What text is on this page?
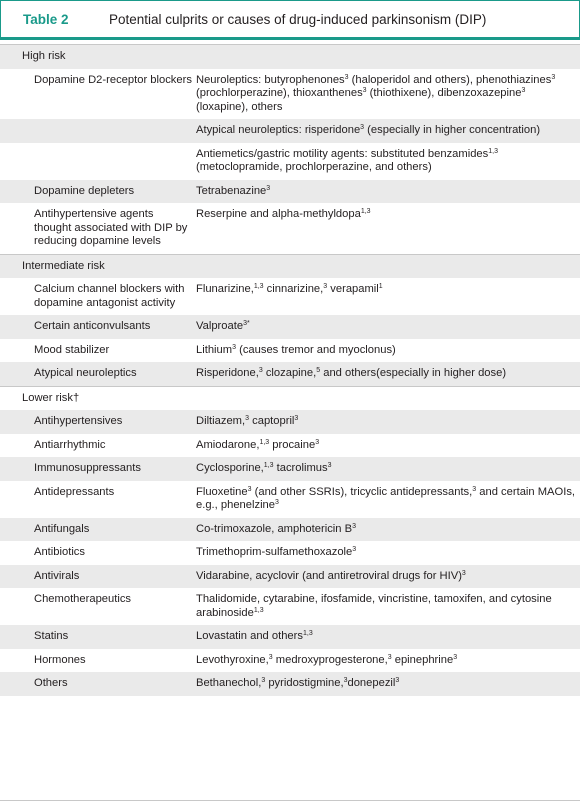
Table 2	Potential culprits or causes of drug-induced parkinsonism (DIP)
High risk	
Dopamine D2-receptor blockers	Neuroleptics: butyrophenones$^3$ (haloperidol and others), phenothiazines$^3$ (prochlorperazine), thioxanthenes$^3$ (thiothixene), dibenzoxazepine$^3$ (loxapine), others
	Atypical neuroleptics: risperidone$^3$ (especially in higher concentration)
	Antiemetics/gastric motility agents: substituted benzamides$^{1,3}$ (metoclopramide, prochlorperazine, and others)
Dopamine depleters	Tetrabenazine$^3$
Antihypertensive agents thought associated with DIP by reducing dopamine levels	Reserpine and alpha-methyldopa$^{1,3}$
Intermediate risk	
Calcium channel blockers with dopamine antagonist activity	Flunarizine,$^{1,3}$ cinnarizine,$^3$ verapamil$^1$
Certain anticonvulsants	Valproate$^{3*}$
Mood stabilizer	Lithium$^3$ (causes tremor and myoclonus)
Atypical neuroleptics	Risperidone,$^3$ clozapine,$^5$ and others(especially in higher dose)
Lower risk†	
Antihypertensives	Diltiazem,$^3$ captopril$^3$
Antiarrhythmic	Amiodarone,$^{1,3}$ procaine$^3$
Immunosuppressants	Cyclosporine,$^{1,3}$ tacrolimus$^3$
Antidepressants	Fluoxetine$^3$ (and other SSRIs), tricyclic antidepressants,$^3$ and certain MAOIs, e.g., phenelzine$^3$
Antifungals	Co-trimoxazole, amphotericin $B^3$
Antibiotics	Trimethoprim-sulfamethoxazole$^3$
Antivirals	Vidarabine, acyclovir (and antiretroviral drugs for HIV)$^3$
Chemotherapeutics	Thalidomide, cytarabine, ifosfamide, vincristine, tamoxifen, and cytosine arabinoside$^{1,3}$
Statins	Lovastatin and others$^{1,3}$
Hormones	Levothyroxine,$^3$ medroxyprogesterone,$^3$ epinephrine$^3$
Others	Bethanechol,$^3$ pyridostigmine,$^3$donepezil$^3$
